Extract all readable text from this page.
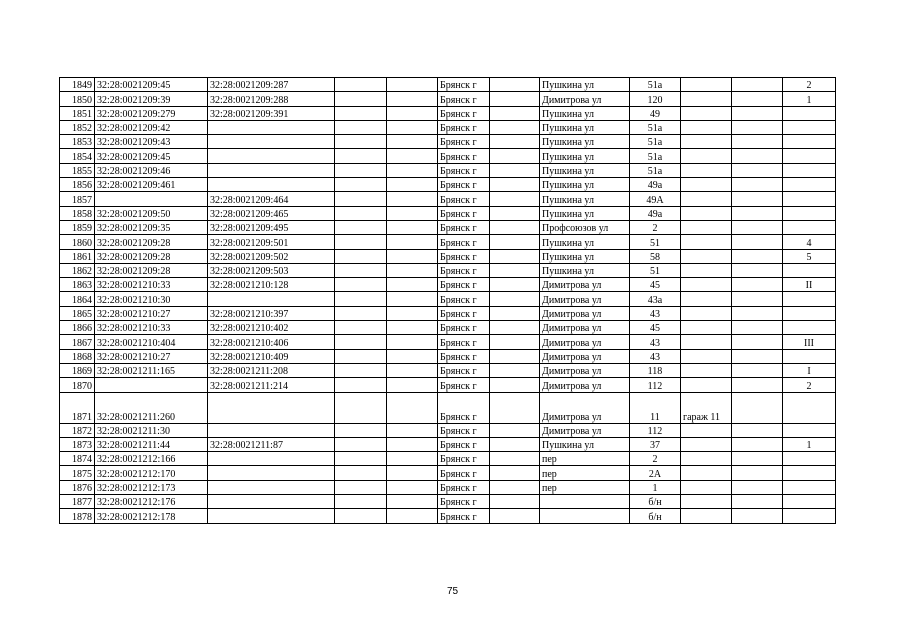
1849	32:28:0021209:45	32:28:0021209:287			Брянск г		Пушкина ул	51а			2
1850	32:28:0021209:39	32:28:0021209:288			Брянск г		Димитрова ул	120			1
1851	32:28:0021209:279	32:28:0021209:391			Брянск г		Пушкина ул	49			
1852	32:28:0021209:42				Брянск г		Пушкина ул	51а			
1853	32:28:0021209:43				Брянск г		Пушкина ул	51а			
1854	32:28:0021209:45				Брянск г		Пушкина ул	51а			
1855	32:28:0021209:46				Брянск г		Пушкина ул	51а			
1856	32:28:0021209:461				Брянск г		Пушкина ул	49а			
1857		32:28:0021209:464			Брянск г		Пушкина ул	49А			
1858	32:28:0021209:50	32:28:0021209:465			Брянск г		Пушкина ул	49а			
1859	32:28:0021209:35	32:28:0021209:495			Брянск г		Профсоюзов ул	2			
1860	32:28:0021209:28	32:28:0021209:501			Брянск г		Пушкина ул	51			4
1861	32:28:0021209:28	32:28:0021209:502			Брянск г		Пушкина ул	58			5
1862	32:28:0021209:28	32:28:0021209:503			Брянск г		Пушкина ул	51			
1863	32:28:0021210:33	32:28:0021210:128			Брянск г		Димитрова ул	45			II
1864	32:28:0021210:30				Брянск г		Димитрова ул	43а			
1865	32:28:0021210:27	32:28:0021210:397			Брянск г		Димитрова ул	43			
1866	32:28:0021210:33	32:28:0021210:402			Брянск г		Димитрова ул	45			
1867	32:28:0021210:404	32:28:0021210:406			Брянск г		Димитрова ул	43			III
1868	32:28:0021210:27	32:28:0021210:409			Брянск г		Димитрова ул	43			
1869	32:28:0021211:165	32:28:0021211:208			Брянск г		Димитрова ул	118			I
1870		32:28:0021211:214			Брянск г		Димитрова ул	112			2
1871	32:28:0021211:260				Брянск г		Димитрова ул	11	гараж 11		
1872	32:28:0021211:30				Брянск г		Димитрова ул	112			
1873	32:28:0021211:44	32:28:0021211:87			Брянск г		Пушкина ул	37			1
1874	32:28:0021212:166				Брянск г		пер	2			
1875	32:28:0021212:170				Брянск г		пер	2А			
1876	32:28:0021212:173				Брянск г		пер	1			
1877	32:28:0021212:176				Брянск г			б/н			
1878	32:28:0021212:178				Брянск г			б/н			
75
